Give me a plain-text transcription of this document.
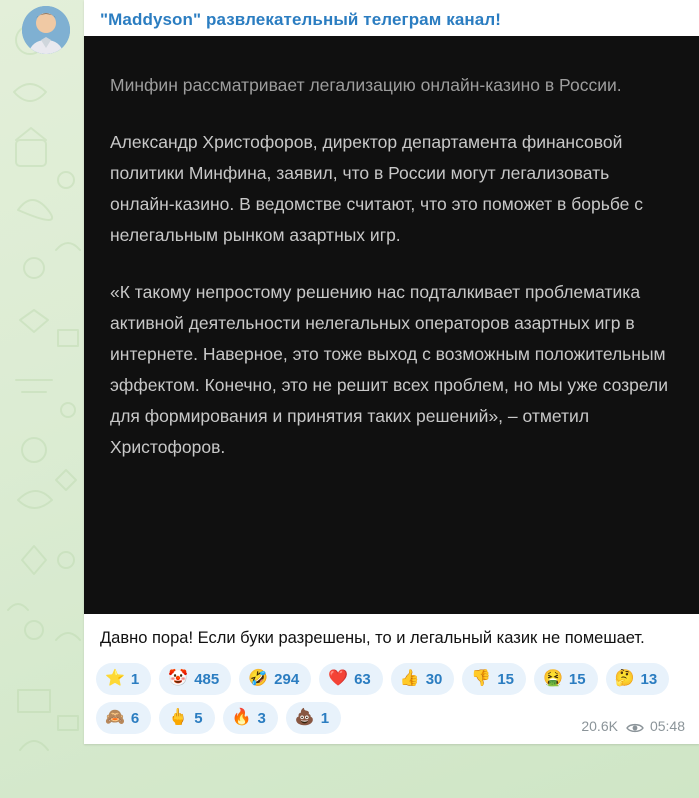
"Maddyson" развлекательный телеграм канал!

Минфин рассматривает легализацию онлайн-казино в России.

Александр Христофоров, директор департамента финансовой политики Минфина, заявил, что в России могут легализовать онлайн-казино. В ведомстве считают, что это поможет в борьбе с нелегальным рынком азартных игр.

«К такому непростому решению нас подталкивает проблематика активной деятельности нелегальных операторов азартных игр в интернете. Наверное, это тоже выход с возможным положительным эффектом. Конечно, это не решит всех проблем, но мы уже созрели для формирования и принятия таких решений», – отметил Христофоров.

Давно пора! Если буки разрешены, то и легальный казик не помешает.
⭐ 1 🤡 485 🤣 294 ❤️ 63 👍 30 👎 15 🤮 15 🤔 13
🙈 6 🖕 5 🔥 3 💩 1	20.6K 05:48
